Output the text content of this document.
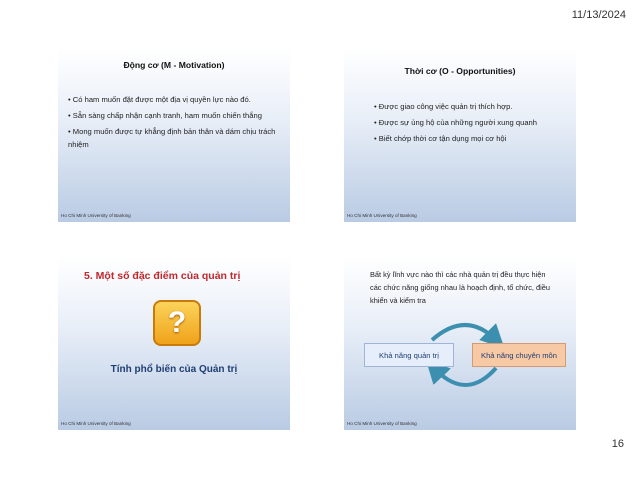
11/13/2024
Động cơ (M - Motivation)
• Có ham muốn đặt được một địa vị quyền lực nào đó.
• Sẵn sàng chấp nhận cạnh tranh, ham muốn chiến thắng
• Mong muốn được tự khẳng định bản thân và dám chịu trách nhiệm
Ho Chi Minh University of Banking
Thời cơ (O - Opportunities)
• Được giao công việc quản trị thích hợp.
• Được sự ủng hộ của những người xung quanh
• Biết chớp thời cơ tận dụng mọi cơ hội
Ho Chi Minh University of Banking
5. Một số đặc điểm của quản trị
?
Tính phổ biến của Quản trị
Ho Chi Minh University of Banking
Bất kỳ lĩnh vực nào thì các nhà quản trị đều thực hiện các chức năng giống nhau là hoạch định, tổ chức, điều khiển và kiểm tra
Khả năng quản trị	Khả năng chuyên môn
Ho Chi Minh University of Banking
16
